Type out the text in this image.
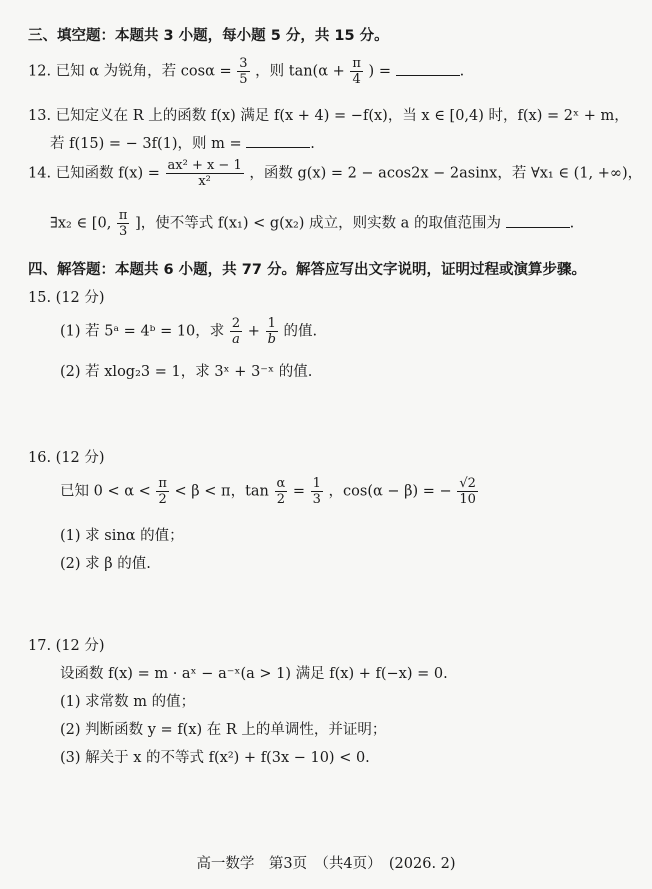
三、填空题：本题共 3 小题，每小题 5 分，共 15 分。
12. 已知 α 为锐角，若 $\cos\alpha = \frac{3}{5}$ ，则 $\tan(\alpha + \frac{\pi}{4}$ ) =	.
13. 已知定义在 R 上的函数 f(x) 满足 f(x + 4) = −f(x)，当 x ∈ [0,4) 时，f(x) = 2ˣ + m，
若 f(15) = − 3f(1)，则 m =	.
14. 已知函数 $f(x) = \frac{\text{ax² + x − 1}}{\text{x²}}$ ，函数 g(x) = 2 − acos2x − 2asinx，若 ∀x₁ ∈ (1, +∞)，
∃x₂ ∈ [0, $\frac{\pi}{3}$ ]，使不等式 f(x₁) < g(x₂) 成立，则实数 a 的取值范围为	.
四、解答题：本题共 6 小题，共 77 分。解答应写出文字说明，证明过程或演算步骤。
15. (12 分)
(1) 若 5ᵃ = 4ᵇ = 10，求 $\frac{2}{a} + \frac{1}{b}$ 的值.
(2) 若 xlog₂3 = 1，求 3ˣ + 3⁻ˣ 的值.
16. (12 分)
已知 $0 < \alpha < \frac{\pi}{2} < \beta < \pi$，$\tan \frac{\alpha}{2} = \frac{1}{3}$ ，cos(α − β) = − $\frac{√2}{10}$
(1) 求 sinα 的值；
(2) 求 β 的值.
17. (12 分)
设函数 f(x) = m · aˣ − a⁻ˣ(a > 1) 满足 f(x) + f(−x) = 0.
(1) 求常数 m 的值；
(2) 判断函数 y = f(x) 在 R 上的单调性，并证明；
(3) 解关于 x 的不等式 f(x²) + f(3x − 10) < 0.
高一数学　第3页　（共4页）　(2026. 2)
